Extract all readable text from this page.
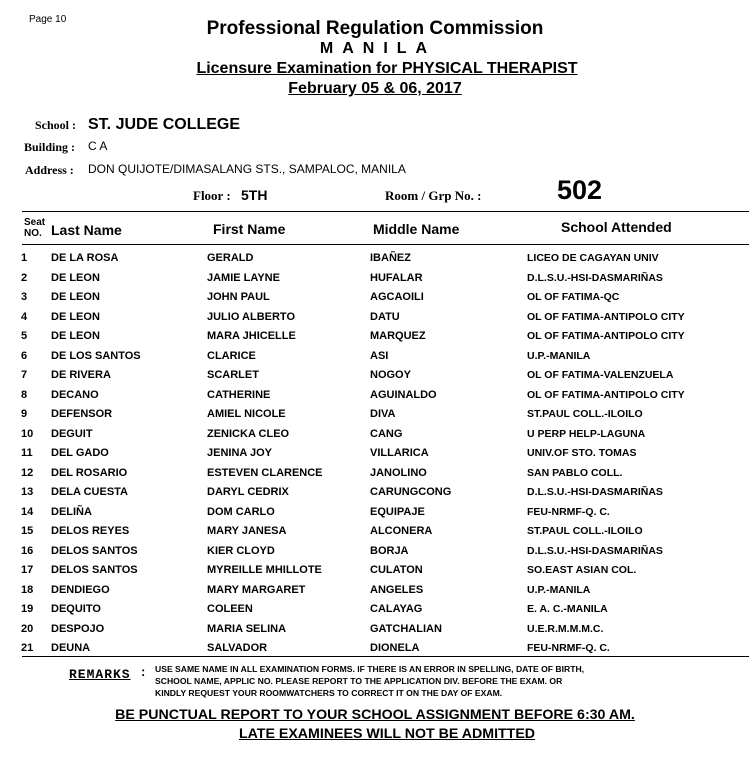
Page 10	Professional Regulation Commission
MANILA
Licensure Examination for PHYSICAL THERAPIST
February 05 & 06, 2017
School : ST. JUDE COLLEGE
Building : C A
Address : DON QUIJOTE/DIMASALANG STS., SAMPALOC, MANILA
Floor : 5TH	Room / Grp No. :	502
Seat
NO. Last Name	First Name	Middle Name	School Attended
1 DE LA ROSA	GERALD	IBAÑEZ	LICEO DE CAGAYAN UNIV
2 DE LEON	JAMIE LAYNE	HUFALAR	D.L.S.U.-HSI-DASMARIÑAS
3 DE LEON	JOHN PAUL	AGCAOILI	OL OF FATIMA-QC
4 DE LEON	JULIO ALBERTO	DATU	OL OF FATIMA-ANTIPOLO CITY
5 DE LEON	MARA JHICELLE	MARQUEZ	OL OF FATIMA-ANTIPOLO CITY
6 DE LOS SANTOS	CLARICE	ASI	U.P.-MANILA
7 DE RIVERA	SCARLET	NOGOY	OL OF FATIMA-VALENZUELA
8 DECANO	CATHERINE	AGUINALDO	OL OF FATIMA-ANTIPOLO CITY
9 DEFENSOR	AMIEL NICOLE	DIVA	ST.PAUL COLL.-ILOILO
10 DEGUIT	ZENICKA CLEO	CANG	U PERP HELP-LAGUNA
11 DEL GADO	JENINA JOY	VILLARICA	UNIV.OF STO. TOMAS
12 DEL ROSARIO	ESTEVEN CLARENCE	JANOLINO	SAN PABLO COLL.
13 DELA CUESTA	DARYL CEDRIX	CARUNGCONG	D.L.S.U.-HSI-DASMARIÑAS
14 DELIÑA	DOM CARLO	EQUIPAJE	FEU-NRMF-Q. C.
15 DELOS REYES	MARY JANESA	ALCONERA	ST.PAUL COLL.-ILOILO
16 DELOS SANTOS	KIER CLOYD	BORJA	D.L.S.U.-HSI-DASMARIÑAS
17 DELOS SANTOS	MYREILLE MHILLOTE	CULATON	SO.EAST ASIAN COL.
18 DENDIEGO	MARY MARGARET	ANGELES	U.P.-MANILA
19 DEQUITO	COLEEN	CALAYAG	E. A. C.-MANILA
20 DESPOJO	MARIA SELINA	GATCHALIAN	U.E.R.M.M.M.C.
21 DEUNA	SALVADOR	DIONELA	FEU-NRMF-Q. C.
REMARKS : USE SAME NAME IN ALL EXAMINATION FORMS. IF THERE IS AN ERROR IN SPELLING, DATE OF BIRTH,
SCHOOL NAME, APPLIC NO. PLEASE REPORT TO THE APPLICATION DIV. BEFORE THE EXAM. OR
KINDLY REQUEST YOUR ROOMWATCHERS TO CORRECT IT ON THE DAY OF EXAM.
BE PUNCTUAL REPORT TO YOUR SCHOOL ASSIGNMENT BEFORE 6:30 AM.
LATE EXAMINEES WILL NOT BE ADMITTED
